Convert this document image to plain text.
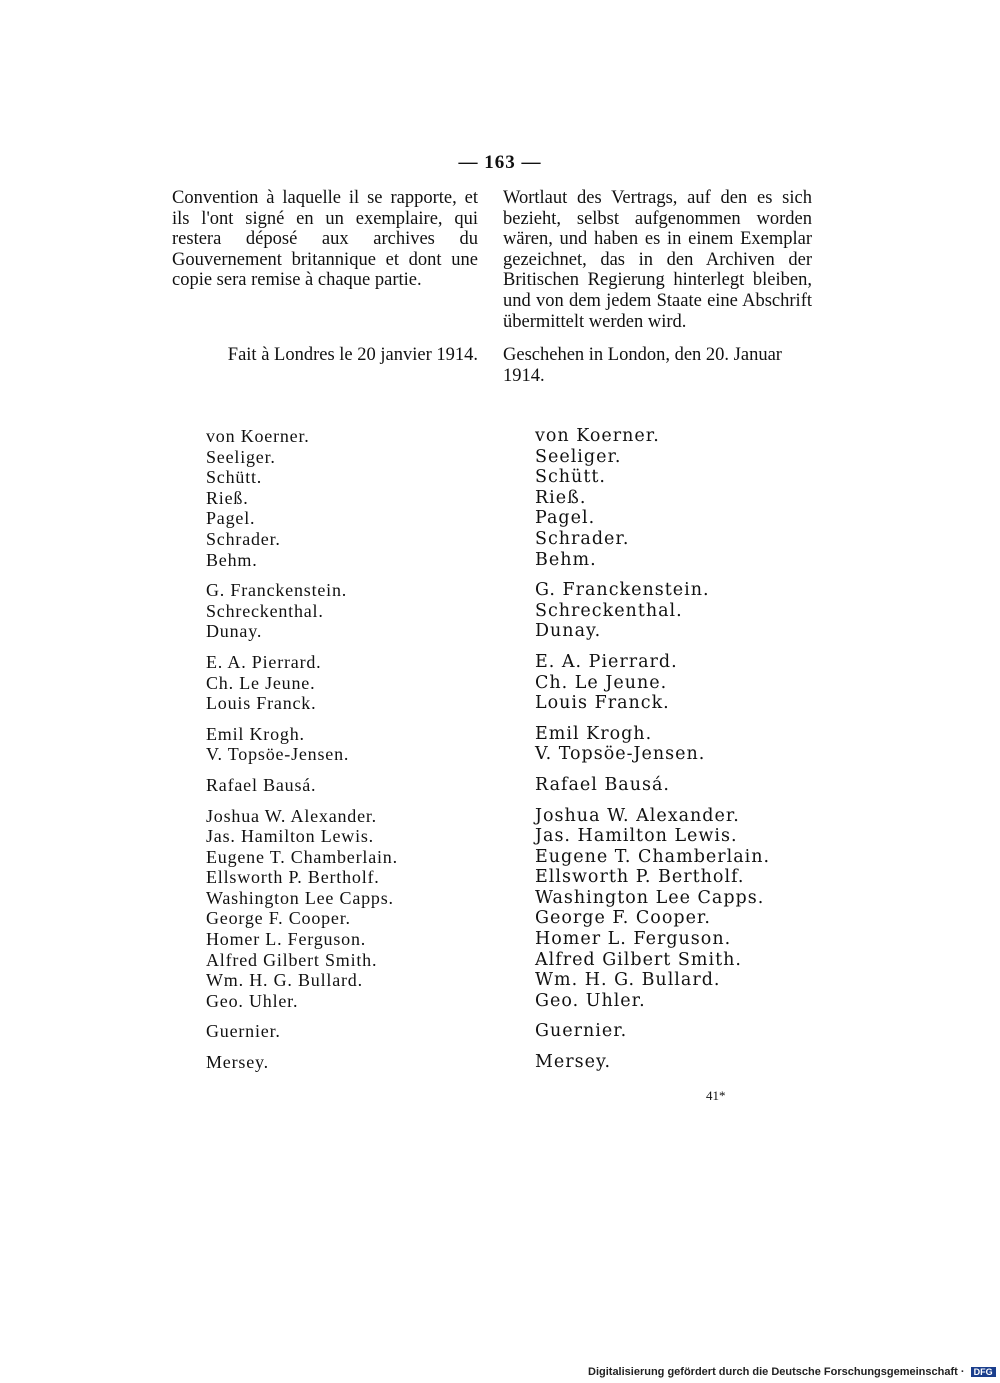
— 163 —

Convention à laquelle il se rapporte, et ils l'ont signé en un exemplaire, qui restera déposé aux archives du Gouvernement britannique et dont une copie sera remise à chaque partie.

Wortlaut des Vertrags, auf den es sich bezieht, selbst aufgenommen worden wären, und haben es in einem Exemplar gezeichnet, das in den Archiven der Britischen Regierung hinterlegt bleiben, und von dem jedem Staate eine Abschrift übermittelt werden wird.

Fait à Londres le 20 janvier 1914. Geschehen in London, den 20. Januar 1914.
von Koerner.
Seeliger.
Schütt.
Rieß.
Pagel.
Schrader.
Behm.
G. Franckenstein.
Schreckenthal.
Dunay.
E. A. Pierrard.
Ch. Le Jeune.
Louis Franck.
Emil Krogh.
V. Topsöe-Jensen.
Rafael Bausá.
Joshua W. Alexander.
Jas. Hamilton Lewis.
Eugene T. Chamberlain.
Ellsworth P. Bertholf.
Washington Lee Capps.
George F. Cooper.
Homer L. Ferguson.
Alfred Gilbert Smith.
Wm. H. G. Bullard.
Geo. Uhler.
Guernier.
Mersey.
von Koerner.
Seeliger.
Schütt.
Rieß.
Pagel.
Schrader.
Behm.
G. Franckenstein.
Schreckenthal.
Dunay.
E. A. Pierrard.
Ch. Le Jeune.
Louis Franck.
Emil Krogh.
V. Topsöe-Jensen.
Rafael Bausá.
Joshua W. Alexander.
Jas. Hamilton Lewis.
Eugene T. Chamberlain.
Ellsworth P. Bertholf.
Washington Lee Capps.
George F. Cooper.
Homer L. Ferguson.
Alfred Gilbert Smith.
Wm. H. G. Bullard.
Geo. Uhler.
Guernier.
Mersey.
41*
Digitalisierung gefördert durch die Deutsche Forschungsgemeinschaft · DFG
